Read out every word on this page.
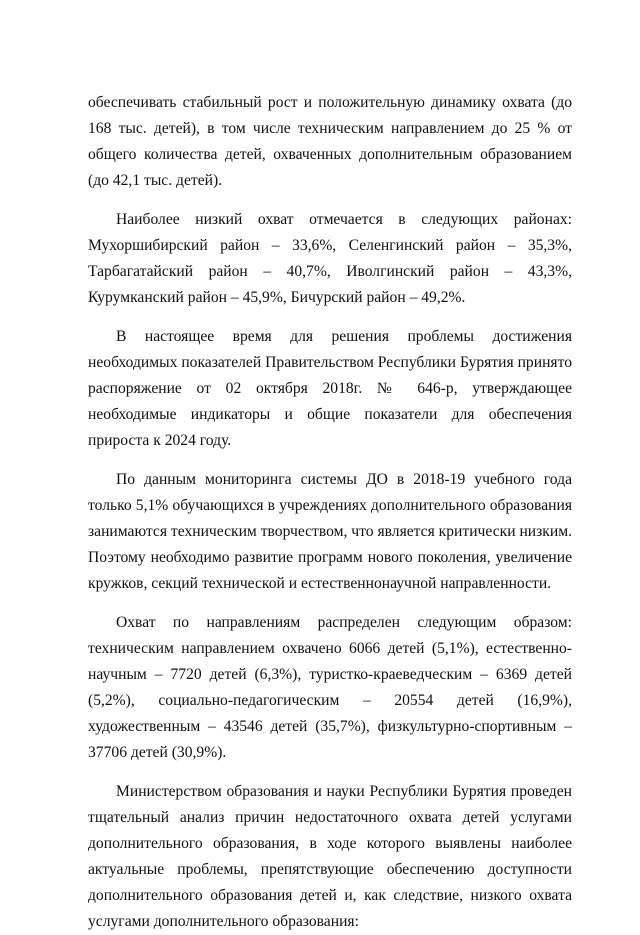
обеспечивать стабильный рост и положительную динамику охвата (до 168 тыс. детей), в том числе техническим направлением до 25 % от общего количества детей, охваченных дополнительным образованием (до 42,1 тыс. детей).

Наиболее низкий охват отмечается в следующих районах: Мухоршибирский район – 33,6%, Селенгинский район – 35,3%, Тарбагатайский район – 40,7%, Иволгинский район – 43,3%, Курумканский район – 45,9%, Бичурский район – 49,2%.

В настоящее время для решения проблемы достижения необходимых показателей Правительством Республики Бурятия принято распоряжение от 02 октября 2018г. № 646-р, утверждающее необходимые индикаторы и общие показатели для обеспечения прироста к 2024 году.

По данным мониторинга системы ДО в 2018-19 учебного года только 5,1% обучающихся в учреждениях дополнительного образования занимаются техническим творчеством, что является критически низким. Поэтому необходимо развитие программ нового поколения, увеличение кружков, секций технической и естественнонаучной направленности.

Охват по направлениям распределен следующим образом: техническим направлением охвачено 6066 детей (5,1%), естественно-научным – 7720 детей (6,3%), туристко-краеведческим – 6369 детей (5,2%), социально-педагогическим – 20554 детей (16,9%), художественным – 43546 детей (35,7%), физкультурно-спортивным – 37706 детей (30,9%).

Министерством образования и науки Республики Бурятия проведен тщательный анализ причин недостаточного охвата детей услугами дополнительного образования, в ходе которого выявлены наиболее актуальные проблемы, препятствующие обеспечению доступности дополнительного образования детей и, как следствие, низкого охвата услугами дополнительного образования:
